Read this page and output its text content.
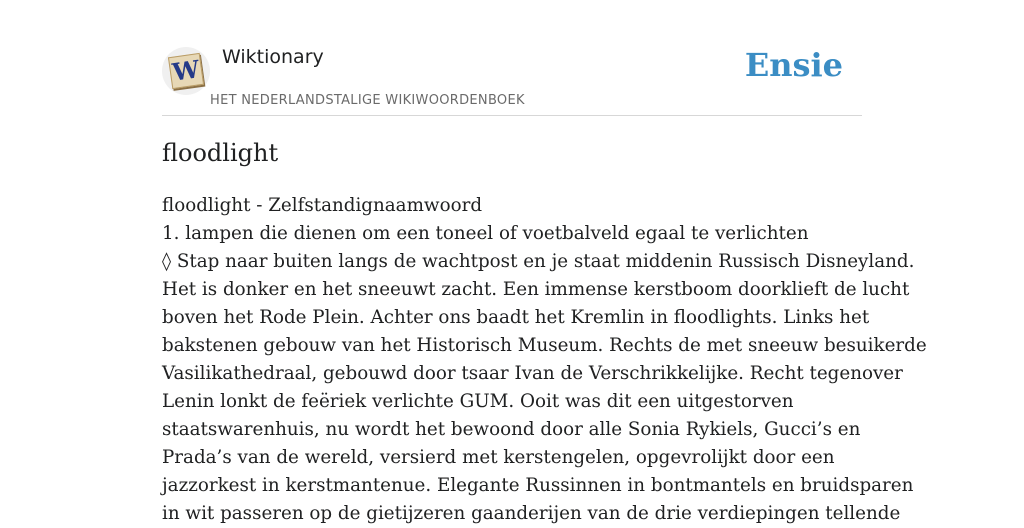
W Wiktionary
HET NEDERLANDSTALIGE WIKIWOORDENBOEK
Ensie
floodlight
floodlight - Zelfstandignaamwoord
1. lampen die dienen om een toneel of voetbalveld egaal te verlichten
◊ Stap naar buiten langs de wachtpost en je staat middenin Russisch Disneyland.
Het is donker en het sneeuwt zacht. Een immense kerstboom doorklieft de lucht
boven het Rode Plein. Achter ons baadt het Kremlin in floodlights. Links het
bakstenen gebouw van het Historisch Museum. Rechts de met sneeuw besuikerde
Vasilikathedraal, gebouwd door tsaar Ivan de Verschrikkelijke. Recht tegenover
Lenin lonkt de feëriek verlichte GUM. Ooit was dit een uitgestorven
staatswarenhuis, nu wordt het bewoond door alle Sonia Rykiels, Gucci’s en
Prada’s van de wereld, versierd met kerstengelen, opgevrolijkt door een
jazzorkest in kerstmantenue. Elegante Russinnen in bontmantels en bruidsparen
in wit passeren op de gietijzeren gaanderijen van de drie verdiepingen tellende
